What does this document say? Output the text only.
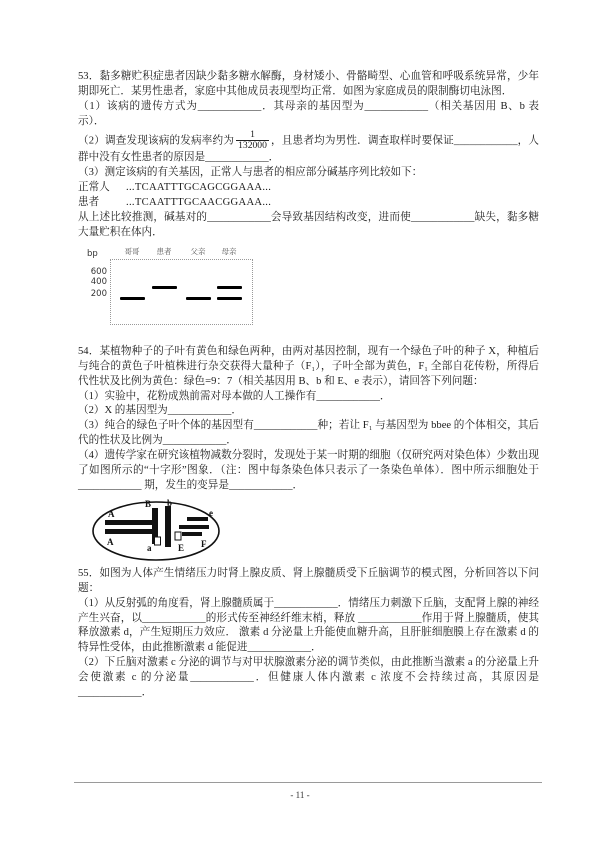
53．黏多糖贮积症患者因缺少黏多糖水解酶，身材矮小、骨骼畸型、心血管和呼吸系统异常，少年期即死亡．某男性患者，家庭中其他成员表现型均正常．如图为家庭成员的限制酶切电泳图．

（1）该病的遗传方式为____________．其母亲的基因型为____________（相关基因用 B、b 表示）．

（2）调查发现该病的发病率约为 $\frac{1}{132000}$ ，且患者均为男性．调查取样时要保证____________，人群中没有女性患者的原因是____________．

（3）测定该病的有关基因，正常人与患者的相应部分碱基序列比较如下：

正常人	...TCAATTTGCAGCGGAAA...
患者	...TCAATTTGCAACGGAAA...

从上述比较推测，碱基对的____________会导致基因结构改变，进而使____________缺失，黏多糖大量贮积在体内．

bp
600
400
200
哥哥	患者	父亲	母亲

54．某植物种子的子叶有黄色和绿色两种，由两对基因控制，现有一个绿色子叶的种子 X，种植后与纯合的黄色子叶植株进行杂交获得大量种子（F₁），子叶全部为黄色，F₁ 全部自花传粉，所得后代性状及比例为黄色：绿色=9：7（相关基因用 B、b 和 E、e 表示），请回答下列问题：

（1）实验中，花粉成熟前需对母本做的人工操作有____________．

（2）X 的基因型为____________．

（3）纯合的绿色子叶个体的基因型有____________种；若让 F₁ 与基因型为 bbee 的个体相交，其后代的性状及比例为____________．

（4）遗传学家在研究该植物减数分裂时，发现处于某一时期的细胞（仅研究两对染色体）少数出现了如图所示的“十字形”图象．（注：图中每条染色体只表示了一条染色单体）．图中所示细胞处于____________ 期，发生的变异是____________．

A
B b
e
A
a	E F

55．如图为人体产生情绪压力时肾上腺皮质、肾上腺髓质受下丘脑调节的模式图，分析回答以下问题：

（1）从反射弧的角度看，肾上腺髓质属于____________．情绪压力刺激下丘脑，支配肾上腺的神经产生兴奋，以____________的形式传至神经纤维末梢，释放 ____________作用于肾上腺髓质，使其释放激素 d，产生短期压力效应． 激素 d 分泌量上升能使血糖升高，且肝脏细胞膜上存在激素 d 的特异性受体，由此推断激素 d 能促进____________．

（2）下丘脑对激素 c 分泌的调节与对甲状腺激素分泌的调节类似，由此推断当激素 a 的分泌量上升会使激素 c 的分泌量____________．但健康人体内激素 c 浓度不会持续过高，其原因是____________．

- 11 -
